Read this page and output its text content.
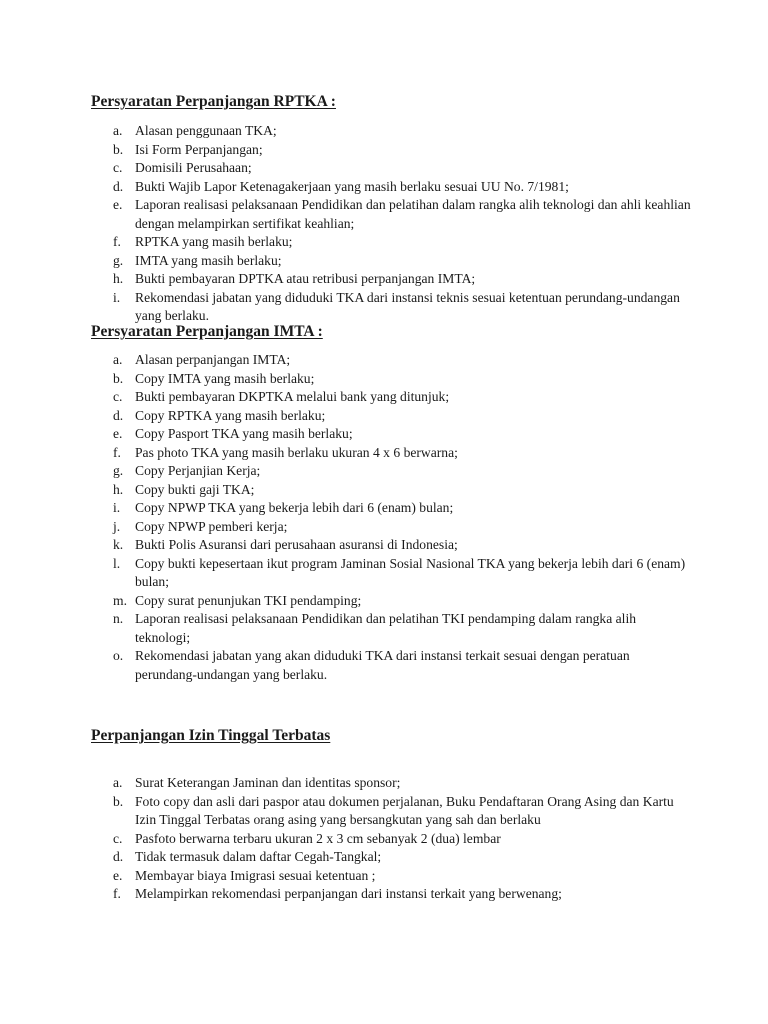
Persyaratan Perpanjangan RPTKA :
a. Alasan penggunaan TKA;
b. Isi Form Perpanjangan;
c. Domisili Perusahaan;
d. Bukti Wajib Lapor Ketenagakerjaan yang masih berlaku sesuai UU No. 7/1981;
e. Laporan realisasi pelaksanaan Pendidikan dan pelatihan dalam rangka alih teknologi dan ahli keahlian dengan melampirkan sertifikat keahlian;
f. RPTKA yang masih berlaku;
g. IMTA yang masih berlaku;
h. Bukti pembayaran DPTKA atau retribusi perpanjangan IMTA;
i. Rekomendasi jabatan yang diduduki TKA dari instansi teknis sesuai ketentuan perundang-undangan yang berlaku.
Persyaratan Perpanjangan IMTA :
a. Alasan perpanjangan IMTA;
b. Copy IMTA yang masih berlaku;
c. Bukti pembayaran DKPTKA melalui bank yang ditunjuk;
d. Copy RPTKA yang masih berlaku;
e. Copy Pasport TKA yang masih berlaku;
f. Pas photo TKA yang masih berlaku ukuran 4 x 6 berwarna;
g. Copy Perjanjian Kerja;
h. Copy bukti gaji TKA;
i. Copy NPWP TKA yang bekerja lebih dari 6 (enam) bulan;
j. Copy NPWP pemberi kerja;
k. Bukti Polis Asuransi dari perusahaan asuransi di Indonesia;
l. Copy bukti kepesertaan ikut program Jaminan Sosial Nasional TKA yang bekerja lebih dari 6 (enam) bulan;
m. Copy surat penunjukan TKI pendamping;
n. Laporan realisasi pelaksanaan Pendidikan dan pelatihan TKI pendamping dalam rangka alih teknologi;
o. Rekomendasi jabatan yang akan diduduki TKA dari instansi terkait sesuai dengan peratuan perundang-undangan yang berlaku.
Perpanjangan Izin Tinggal Terbatas
a. Surat Keterangan Jaminan dan identitas sponsor;
b. Foto copy dan asli dari paspor atau dokumen perjalanan, Buku Pendaftaran Orang Asing dan Kartu Izin Tinggal Terbatas orang asing yang bersangkutan yang sah dan berlaku
c. Pasfoto berwarna terbaru ukuran 2 x 3 cm sebanyak 2 (dua) lembar
d. Tidak termasuk dalam daftar Cegah-Tangkal;
e. Membayar biaya Imigrasi sesuai ketentuan ;
f. Melampirkan rekomendasi perpanjangan dari instansi terkait yang berwenang;
